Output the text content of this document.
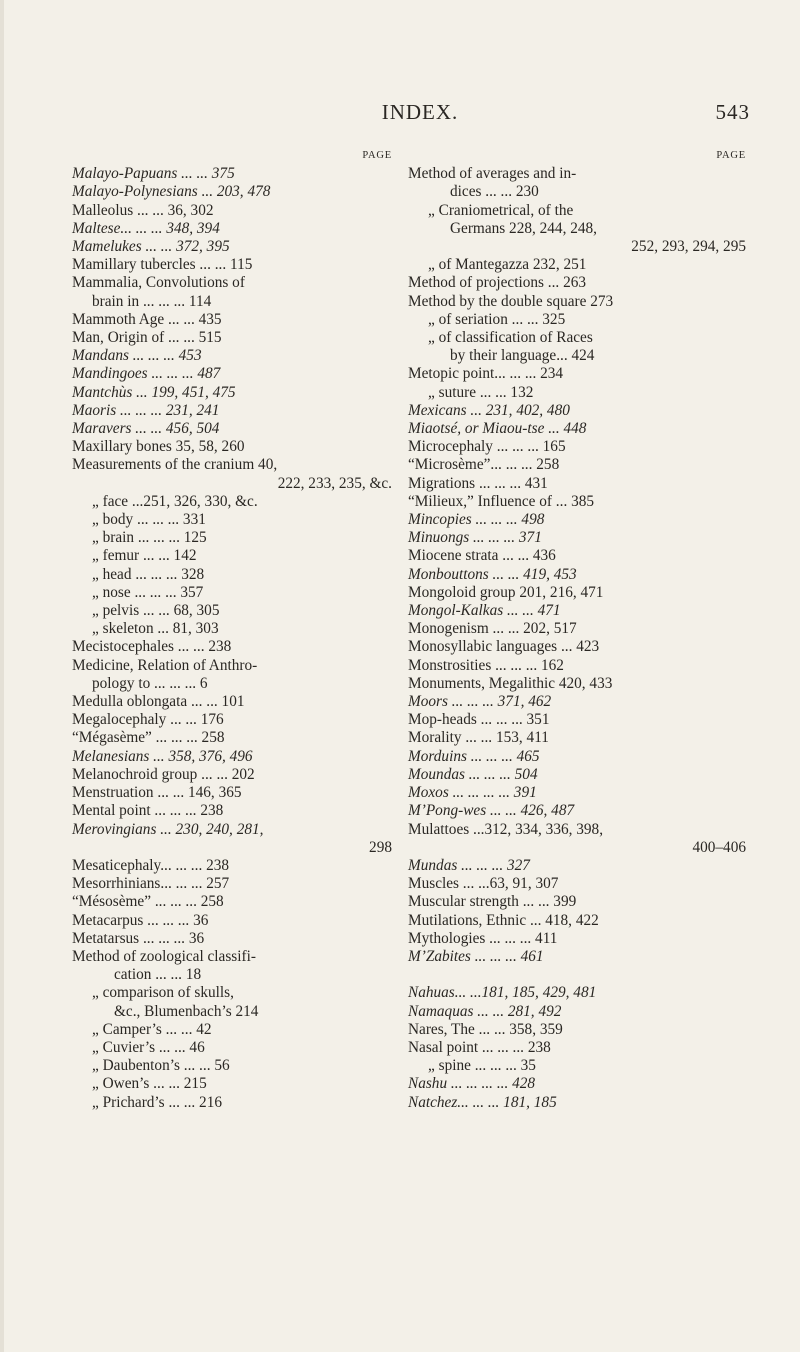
INDEX.	543
PAGE
Malayo-Papuans ... ... 375
Malayo-Polynesians ... 203, 478
Malleolus ... ... 36, 302
Maltese... ... ... 348, 394
Mamelukes ... ... 372, 395
Mamillary tubercles ... ... 115
Mammalia, Convolutions of
brain in ... ... ... 114
Mammoth Age ... ... 435
Man, Origin of ... ... 515
Mandans ... ... ... 453
Mandingoes ... ... ... 487
Mantchùs ... 199, 451, 475
Maoris ... ... ... 231, 241
Maravers ... ... 456, 504
Maxillary bones 35, 58, 260
Measurements of the cranium 40,
222, 233, 235, &c.
„ face ...251, 326, 330, &c.
„ body ... ... ... 331
„ brain ... ... ... 125
„ femur ... ... 142
„ head ... ... ... 328
„ nose ... ... ... 357
„ pelvis ... ... 68, 305
„ skeleton ... 81, 303
Mecistocephales ... ... 238
Medicine, Relation of Anthro-
pology to ... ... ... 6
Medulla oblongata ... ... 101
Megalocephaly ... ... 176
“Mégasème” ... ... ... 258
Melanesians ... 358, 376, 496
Melanochroid group ... ... 202
Menstruation ... ... 146, 365
Mental point ... ... ... 238
Merovingians ... 230, 240, 281,
298
Mesaticephaly... ... ... 238
Mesorrhinians... ... ... 257
“Mésosème” ... ... ... 258
Metacarpus ... ... ... 36
Metatarsus ... ... ... 36
Method of zoological classifi-
cation ... ... 18
„ comparison of skulls,
&c., Blumenbach’s 214
„ Camper’s ... ... 42
„ Cuvier’s ... ... 46
„ Daubenton’s ... ... 56
„ Owen’s ... ... 215
„ Prichard’s ... ... 216
PAGE
Method of averages and in-
dices ... ... 230
„ Craniometrical, of the
Germans 228, 244, 248,
252, 293, 294, 295
„ of Mantegazza 232, 251
Method of projections ... 263
Method by the double square 273
„ of seriation ... ... 325
„ of classification of Races
by their language... 424
Metopic point... ... ... 234
„ suture ... ... 132
Mexicans ... 231, 402, 480
Miaotsé, or Miaou-tse ... 448
Microcephaly ... ... ... 165
“Microsème”... ... ... 258
Migrations ... ... ... 431
“Milieux,” Influence of ... 385
Mincopies ... ... ... 498
Minuongs ... ... ... 371
Miocene strata ... ... 436
Monbouttons ... ... 419, 453
Mongoloid group 201, 216, 471
Mongol-Kalkas ... ... 471
Monogenism ... ... 202, 517
Monosyllabic languages ... 423
Monstrosities ... ... ... 162
Monuments, Megalithic 420, 433
Moors ... ... ... 371, 462
Mop-heads ... ... ... 351
Morality ... ... 153, 411
Morduins ... ... ... 465
Moundas ... ... ... 504
Moxos ... ... ... ... 391
M’Pong-wes ... ... 426, 487
Mulattoes ...312, 334, 336, 398,
400–406
Mundas ... ... ... 327
Muscles ... ...63, 91, 307
Muscular strength ... ... 399
Mutilations, Ethnic ... 418, 422
Mythologies ... ... ... 411
M’Zabites ... ... ... 461
Nahuas... ...181, 185, 429, 481
Namaquas ... ... 281, 492
Nares, The ... ... 358, 359
Nasal point ... ... ... 238
„ spine ... ... ... 35
Nashu ... ... ... ... 428
Natchez... ... ... 181, 185
